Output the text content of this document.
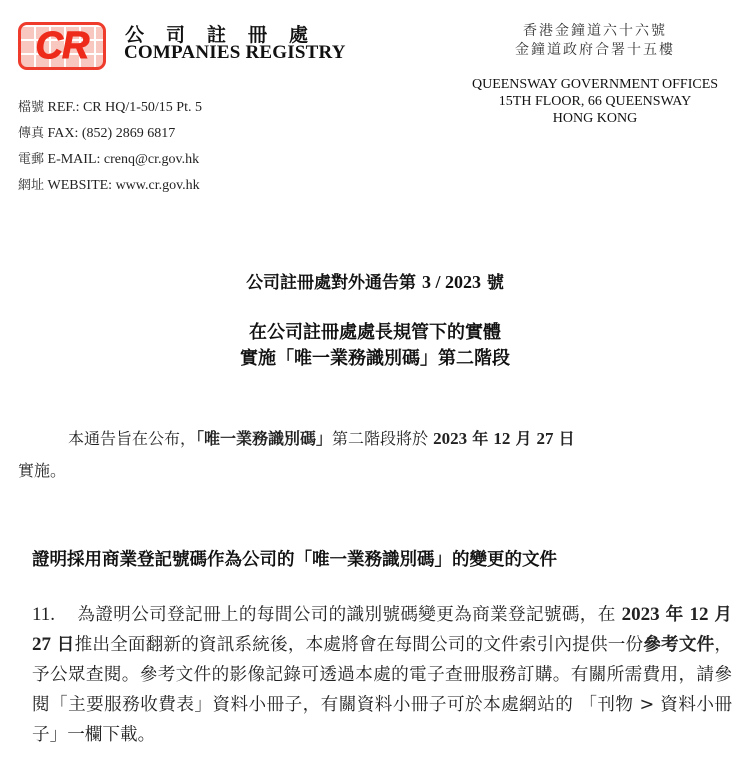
CR 公司註冊處
COMPANIES REGISTRY
香港金鐘道六十六號
金鐘道政府合署十五樓
QUEENSWAY GOVERNMENT OFFICES
15TH FLOOR, 66 QUEENSWAY
HONG KONG
檔號 REF.: CR HQ/1-50/15 Pt. 5
傳真 FAX: (852) 2869 6817
電郵 E-MAIL: crenq@cr.gov.hk
網址 WEBSITE: www.cr.gov.hk
公司註冊處對外通告第 3 / 2023 號
在公司註冊處處長規管下的實體
實施「唯一業務識別碼」第二階段
本通告旨在公布，「唯一業務識別碼」第二階段將於 2023 年 12 月 27 日
實施。
證明採用商業登記號碼作為公司的「唯一業務識別碼」的變更的文件
11. 為證明公司登記冊上的每間公司的識別號碼變更為商業登記號碼，在 2023 年 12 月 27 日推出全面翻新的資訊系統後，本處將會在每間公司的文件索引內提供一份參考文件，予公眾查閱。參考文件的影像記錄可透過本處的電子查冊服務訂購。有關所需費用，請參閱「主要服務收費表」資料小冊子，有關資料小冊子可於本處網站的 「刊物 > 資料小冊子」一欄下載。
